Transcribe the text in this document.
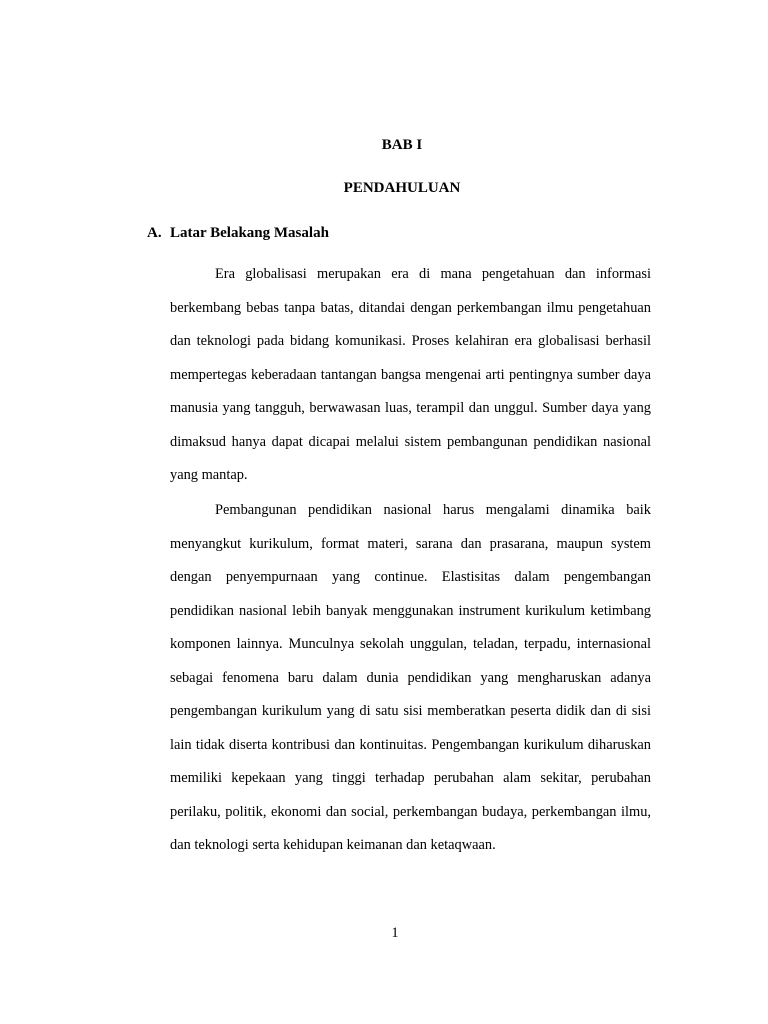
BAB I

PENDAHULUAN

A. Latar Belakang Masalah

Era globalisasi merupakan era di mana pengetahuan dan informasi berkembang bebas tanpa batas, ditandai dengan perkembangan ilmu pengetahuan dan teknologi pada bidang komunikasi. Proses kelahiran era globalisasi berhasil mempertegas keberadaan tantangan bangsa mengenai arti pentingnya sumber daya manusia yang tangguh, berwawasan luas, terampil dan unggul. Sumber daya yang dimaksud hanya dapat dicapai melalui sistem pembangunan pendidikan nasional yang mantap.

Pembangunan pendidikan nasional harus mengalami dinamika baik menyangkut kurikulum, format materi, sarana dan prasarana, maupun system dengan penyempurnaan yang continue. Elastisitas dalam pengembangan pendidikan nasional lebih banyak menggunakan instrument kurikulum ketimbang komponen lainnya. Munculnya sekolah unggulan, teladan, terpadu, internasional sebagai fenomena baru dalam dunia pendidikan yang mengharuskan adanya pengembangan kurikulum yang di satu sisi memberatkan peserta didik dan di sisi lain tidak diserta kontribusi dan kontinuitas. Pengembangan kurikulum diharuskan memiliki kepekaan yang tinggi terhadap perubahan alam sekitar, perubahan perilaku, politik, ekonomi dan social, perkembangan budaya, perkembangan ilmu, dan teknologi serta kehidupan keimanan dan ketaqwaan.

1
